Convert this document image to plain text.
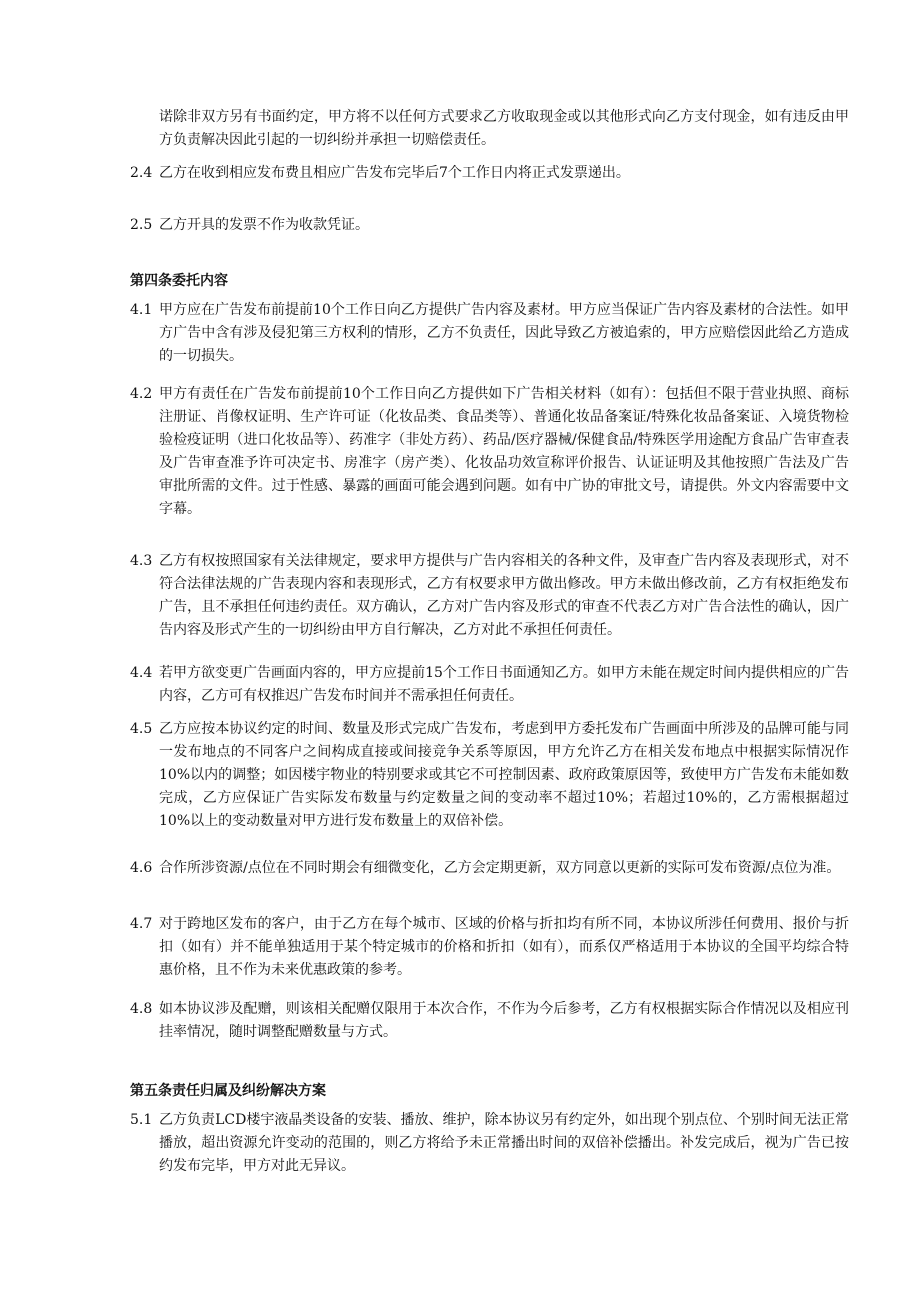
诺除非双方另有书面约定，甲方将不以任何方式要求乙方收取现金或以其他形式向乙方支付现金，如有违反由甲方负责解决因此引起的一切纠纷并承担一切赔偿责任。

2.4 乙方在收到相应发布费且相应广告发布完毕后7个工作日内将正式发票递出。
2.5 乙方开具的发票不作为收款凭证。
第四条委托内容
4.1 甲方应在广告发布前提前10个工作日向乙方提供广告内容及素材。甲方应当保证广告内容及素材的合法性。如甲方广告中含有涉及侵犯第三方权利的情形，乙方不负责任，因此导致乙方被追索的，甲方应赔偿因此给乙方造成的一切损失。
4.2 甲方有责任在广告发布前提前10个工作日向乙方提供如下广告相关材料（如有）：包括但不限于营业执照、商标注册证、肖像权证明、生产许可证（化妆品类、食品类等）、普通化妆品备案证/特殊化妆品备案证、入境货物检验检疫证明（进口化妆品等）、药准字（非处方药）、药品/医疗器械/保健食品/特殊医学用途配方食品广告审查表及广告审查准予许可决定书、房准字（房产类）、化妆品功效宣称评价报告、认证证明及其他按照广告法及广告审批所需的文件。过于性感、暴露的画面可能会遇到问题。如有中广协的审批文号，请提供。外文内容需要中文字幕。
4.3 乙方有权按照国家有关法律规定，要求甲方提供与广告内容相关的各种文件，及审查广告内容及表现形式，对不符合法律法规的广告表现内容和表现形式，乙方有权要求甲方做出修改。甲方未做出修改前，乙方有权拒绝发布广告，且不承担任何违约责任。双方确认，乙方对广告内容及形式的审查不代表乙方对广告合法性的确认，因广告内容及形式产生的一切纠纷由甲方自行解决，乙方对此不承担任何责任。
4.4 若甲方欲变更广告画面内容的，甲方应提前15个工作日书面通知乙方。如甲方未能在规定时间内提供相应的广告内容，乙方可有权推迟广告发布时间并不需承担任何责任。
4.5 乙方应按本协议约定的时间、数量及形式完成广告发布，考虑到甲方委托发布广告画面中所涉及的品牌可能与同一发布地点的不同客户之间构成直接或间接竞争关系等原因，甲方允许乙方在相关发布地点中根据实际情况作10%以内的调整；如因楼宇物业的特别要求或其它不可控制因素、政府政策原因等，致使甲方广告发布未能如数完成，乙方应保证广告实际发布数量与约定数量之间的变动率不超过10%；若超过10%的，乙方需根据超过10%以上的变动数量对甲方进行发布数量上的双倍补偿。
4.6 合作所涉资源/点位在不同时期会有细微变化，乙方会定期更新，双方同意以更新的实际可发布资源/点位为准。
4.7 对于跨地区发布的客户，由于乙方在每个城市、区域的价格与折扣均有所不同，本协议所涉任何费用、报价与折扣（如有）并不能单独适用于某个特定城市的价格和折扣（如有），而系仅严格适用于本协议的全国平均综合特惠价格，且不作为未来优惠政策的参考。
4.8 如本协议涉及配赠，则该相关配赠仅限用于本次合作，不作为今后参考，乙方有权根据实际合作情况以及相应刊挂率情况，随时调整配赠数量与方式。
第五条责任归属及纠纷解决方案
5.1 乙方负责LCD楼宇液晶类设备的安装、播放、维护，除本协议另有约定外，如出现个别点位、个别时间无法正常播放，超出资源允许变动的范围的，则乙方将给予未正常播出时间的双倍补偿播出。补发完成后，视为广告已按约发布完毕，甲方对此无异议。
